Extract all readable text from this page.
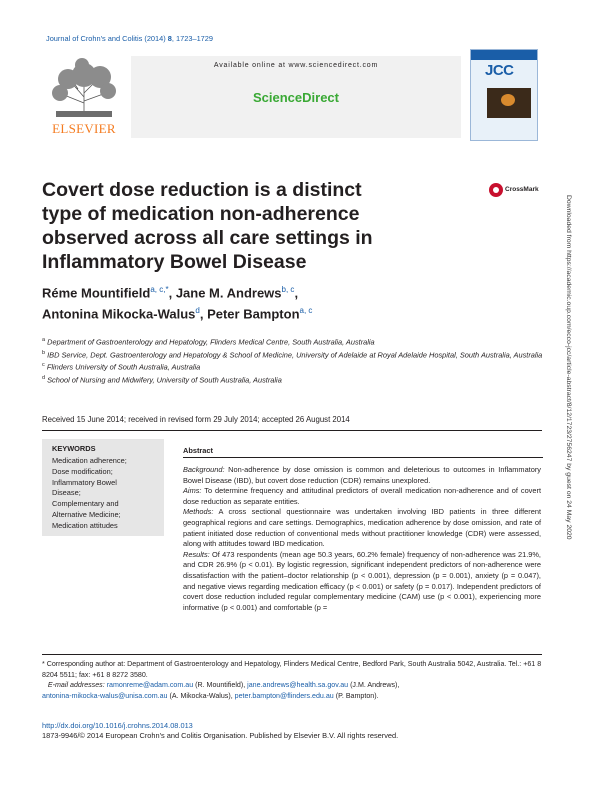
Journal of Crohn's and Colitis (2014) 8, 1723–1729
ELSEVIER
Available online at www.sciencedirect.com
ScienceDirect
JCC
Covert dose reduction is a distinct type of medication non-adherence observed across all care settings in Inflammatory Bowel Disease
CrossMark
Réme Mountifield$^{a, c,*}$, Jane M. Andrews$^{b, c}$,
Antonina Mikocka-Walus$^d$, Peter Bampton$^{a, c}$
$^a$ Department of Gastroenterology and Hepatology, Flinders Medical Centre, South Australia, Australia
$^b$ IBD Service, Dept. Gastroenterology and Hepatology & School of Medicine, University of Adelaide at Royal Adelaide Hospital, South Australia, Australia
$^c$ Flinders University of South Australia, Australia
$^d$ School of Nursing and Midwifery, University of South Australia, Australia
Received 15 June 2014; received in revised form 29 July 2014; accepted 26 August 2014
KEYWORDS
Medication adherence;
Dose modification;
Inflammatory Bowel
Disease;
Complementary and
Alternative Medicine;
Medication attitudes
Abstract
Background: Non-adherence by dose omission is common and deleterious to outcomes in Inflammatory Bowel Disease (IBD), but covert dose reduction (CDR) remains unexplored.
Aims: To determine frequency and attitudinal predictors of overall medication non-adherence and of covert dose reduction as separate entities.
Methods: A cross sectional questionnaire was undertaken involving IBD patients in three different geographical regions and care settings. Demographics, medication adherence by dose omission, and rate of patient initiated dose reduction of conventional meds without practitioner knowledge (CDR) were assessed, along with attitudes toward IBD medication.
Results: Of 473 respondents (mean age 50.3 years, 60.2% female) frequency of non-adherence was 21.9%, and CDR 26.9% (p < 0.01). By logistic regression, significant independent predictors of non-adherence were dissatisfaction with the patient–doctor relationship (p < 0.001), depression (p = 0.001), anxiety (p = 0.047), and negative views regarding medication efficacy (p < 0.001) or safety (p = 0.017). Independent predictors of covert dose reduction included regular complementary medicine (CAM) use (p < 0.001), experiencing more informative (p < 0.001) and comfortable (p =
* Corresponding author at: Department of Gastroenterology and Hepatology, Flinders Medical Centre, Bedford Park, South Australia 5042, Australia. Tel.: +61 8 8204 5511; fax: +61 8 8272 3580.
E-mail addresses: ramonreme@adam.com.au (R. Mountifield), jane.andrews@health.sa.gov.au (J.M. Andrews),
antonina-mikocka-walus@unisa.com.au (A. Mikocka-Walus), peter.bampton@flinders.edu.au (P. Bampton).
http://dx.doi.org/10.1016/j.crohns.2014.08.013
1873-9946/© 2014 European Crohn's and Colitis Organisation. Published by Elsevier B.V. All rights reserved.
Downloaded from https://academic.oup.com/ecco-jcc/article-abstract/8/12/1723/2756247 by guest on 24 May 2020
